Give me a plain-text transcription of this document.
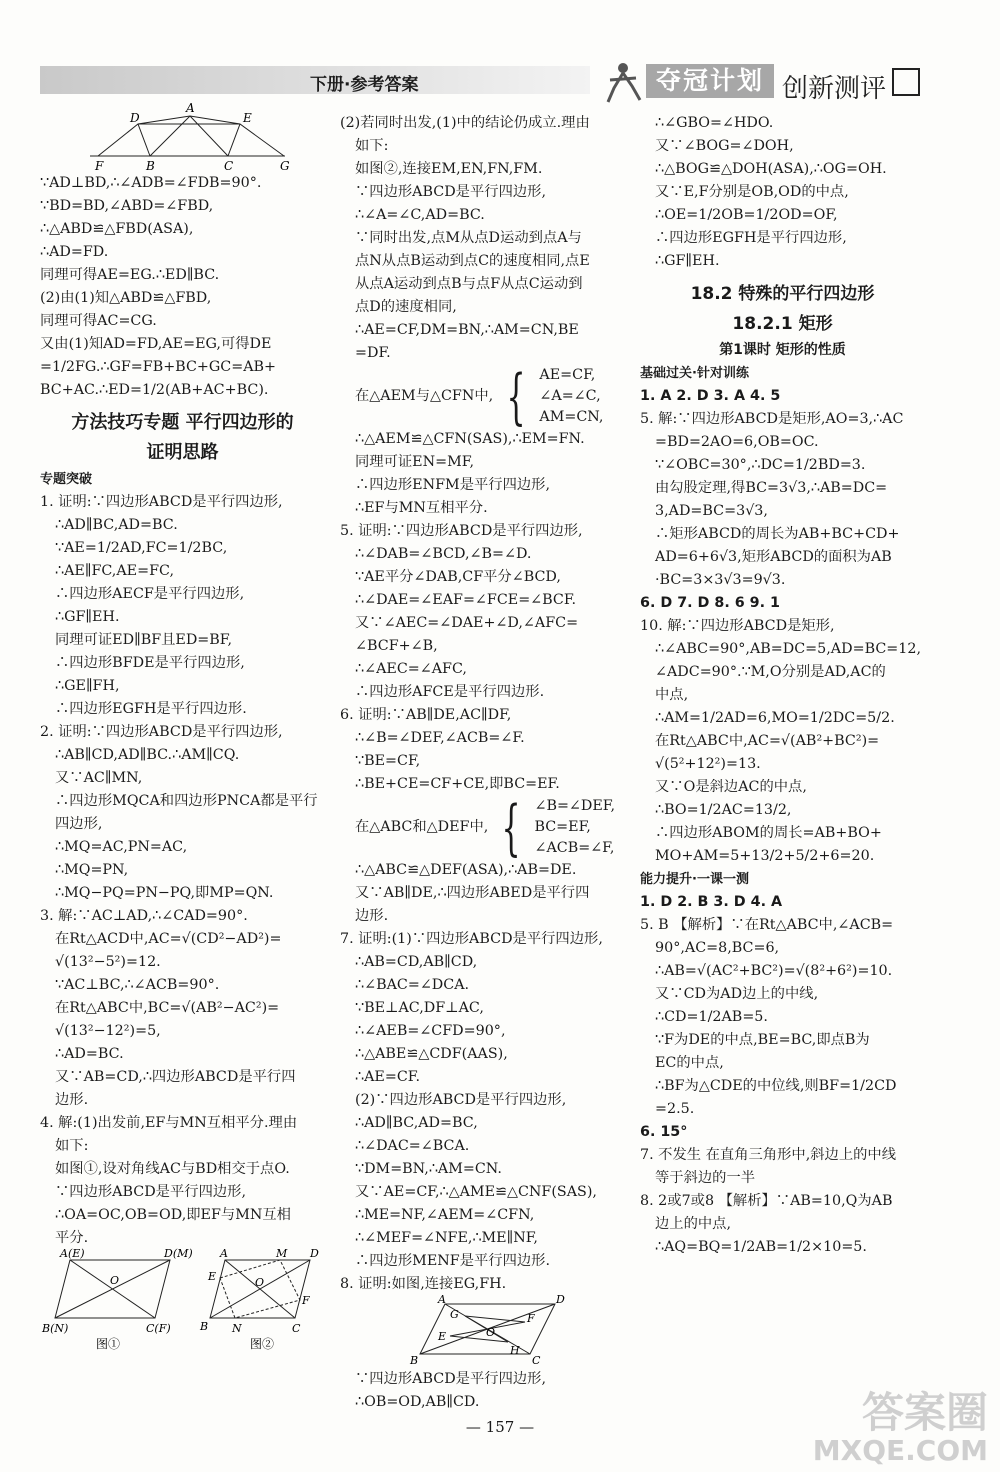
下册·参考答案	夺冠计划 创新测评
D
A
E
F	B	C	G

∵AD⊥BD,∴∠ADB=∠FDB=90°.

∵BD=BD,∠ABD=∠FBD,

∴△ABD≌△FBD(ASA),

∴AD=FD.

同理可得AE=EG.∴ED∥BC.

(2)由(1)知△ABD≌△FBD,

同理可得AC=CG.

又由(1)知AD=FD,AE=EG,可得DE

=1/2FG.∴GF=FB+BC+GC=AB+

BC+AC.∴ED=1/2(AB+AC+BC).

方法技巧专题 平行四边形的

证明思路

专题突破

1. 证明:∵四边形ABCD是平行四边形,

∴AD∥BC,AD=BC.

∵AE=1/2AD,FC=1/2BC,

∴AE∥FC,AE=FC,

∴四边形AECF是平行四边形,

∴GF∥EH.

同理可证ED∥BF且ED=BF,

∴四边形BFDE是平行四边形,

∴GE∥FH,

∴四边形EGFH是平行四边形.

2. 证明:∵四边形ABCD是平行四边形,

∴AB∥CD,AD∥BC.∴AM∥CQ.

又∵AC∥MN,

∴四边形MQCA和四边形PNCA都是平行

四边形,

∴MQ=AC,PN=AC,

∴MQ=PN,

∴MQ−PQ=PN−PQ,即MP=QN.

3. 解:∵AC⊥AD,∴∠CAD=90°.

在Rt△ACD中,AC=√(CD²−AD²)=

√(13²−5²)=12.

∵AC⊥BC,∴∠ACB=90°.

在Rt△ABC中,BC=√(AB²−AC²)=

√(13²−12²)=5,

∴AD=BC.

又∵AB=CD,∴四边形ABCD是平行四

边形.

4. 解:(1)出发前,EF与MN互相平分.理由

如下:

如图①,设对角线AC与BD相交于点O.

∵四边形ABCD是平行四边形,

∴OA=OC,OB=OD,即EF与MN互相

平分.

A(E)	D(M)
O
B(N)	C(F)
图①
A	M D
E	O
F
B N	C
图②

(2)若同时出发,(1)中的结论仍成立.理由

如下:

如图②,连接EM,EN,FN,FM.

∵四边形ABCD是平行四边形,

∴∠A=∠C,AD=BC.

∵同时出发,点M从点D运动到点A与

点N从点B运动到点C的速度相同,点E

从点A运动到点B与点F从点C运动到

点D的速度相同,

∴AE=CF,DM=BN,∴AM=CN,BE

=DF.

在△AEM与△CFN中, { AE=CF,

∠A=∠C,

AM=CN,

∴△AEM≌△CFN(SAS),∴EM=FN.

同理可证EN=MF,

∴四边形ENFM是平行四边形,

∴EF与MN互相平分.

5. 证明:∵四边形ABCD是平行四边形,

∴∠DAB=∠BCD,∠B=∠D.

∵AE平分∠DAB,CF平分∠BCD,

∴∠DAE=∠EAF=∠FCE=∠BCF.

又∵∠AEC=∠DAE+∠D,∠AFC=

∠BCF+∠B,

∴∠AEC=∠AFC,

∴四边形AFCE是平行四边形.

6. 证明:∵AB∥DE,AC∥DF,

∴∠B=∠DEF,∠ACB=∠F.

∵BE=CF,

∴BE+CE=CF+CE,即BC=EF.

在△ABC和△DEF中, { ∠B=∠DEF,

BC=EF,

∠ACB=∠F,

∴△ABC≌△DEF(ASA),∴AB=DE.

又∵AB∥DE,∴四边形ABED是平行四

边形.

7. 证明:(1)∵四边形ABCD是平行四边形,

∴AB=CD,AB∥CD,

∴∠BAC=∠DCA.

∵BE⊥AC,DF⊥AC,

∴∠AEB=∠CFD=90°,

∴△ABE≌△CDF(AAS),

∴AE=CF.

(2)∵四边形ABCD是平行四边形,

∴AD∥BC,AD=BC,

∴∠DAC=∠BCA.

∵DM=BN,∴AM=CN.

又∵AE=CF,∴△AME≌△CNF(SAS),

∴ME=NF,∠AEM=∠CFN,

∴∠MEF=∠NFE,∴ME∥NF,

∴四边形MENF是平行四边形.

8. 证明:如图,连接EG,FH.

A	D
G
E	O
F
B
H
C

∵四边形ABCD是平行四边形,

∴OB=OD,AB∥CD.

∴∠GBO=∠HDO.

又∵∠BOG=∠DOH,

∴△BOG≌△DOH(ASA),∴OG=OH.

又∵E,F分别是OB,OD的中点,

∴OE=1/2OB=1/2OD=OF,

∴四边形EGFH是平行四边形,

∴GF∥EH.

18.2 特殊的平行四边形

18.2.1 矩形

第1课时 矩形的性质

基础过关·针对训练

1. A 2. D 3. A 4. 5

5. 解:∵四边形ABCD是矩形,AO=3,∴AC

=BD=2AO=6,OB=OC.

∵∠OBC=30°,∴DC=1/2BD=3.

由勾股定理,得BC=3√3,∴AB=DC=

3,AD=BC=3√3,

∴矩形ABCD的周长为AB+BC+CD+

AD=6+6√3,矩形ABCD的面积为AB

·BC=3×3√3=9√3.

6. D 7. D 8. 6 9. 1

10. 解:∵四边形ABCD是矩形,

∴∠ABC=90°,AB=DC=5,AD=BC=12,

∠ADC=90°.∵M,O分别是AD,AC的

中点,

∴AM=1/2AD=6,MO=1/2DC=5/2.

在Rt△ABC中,AC=√(AB²+BC²)=

√(5²+12²)=13.

又∵O是斜边AC的中点,

∴BO=1/2AC=13/2,

∴四边形ABOM的周长=AB+BO+

MO+AM=5+13/2+5/2+6=20.

能力提升·一课一测

1. D 2. B 3. D 4. A

5. B 【解析】∵在Rt△ABC中,∠ACB=

90°,AC=8,BC=6,

∴AB=√(AC²+BC²)=√(8²+6²)=10.

又∵CD为AD边上的中线,

∴CD=1/2AB=5.

∵F为DE的中点,BE=BC,即点B为

EC的中点,

∴BF为△CDE的中位线,则BF=1/2CD

=2.5.

6. 15°

7. 不发生 在直角三角形中,斜边上的中线

等于斜边的一半

8. 2或7或8 【解析】∵AB=10,Q为AB

边上的中点,

∴AQ=BQ=1/2AB=1/2×10=5.

— 157 —	答案圈
MXQE.COM
